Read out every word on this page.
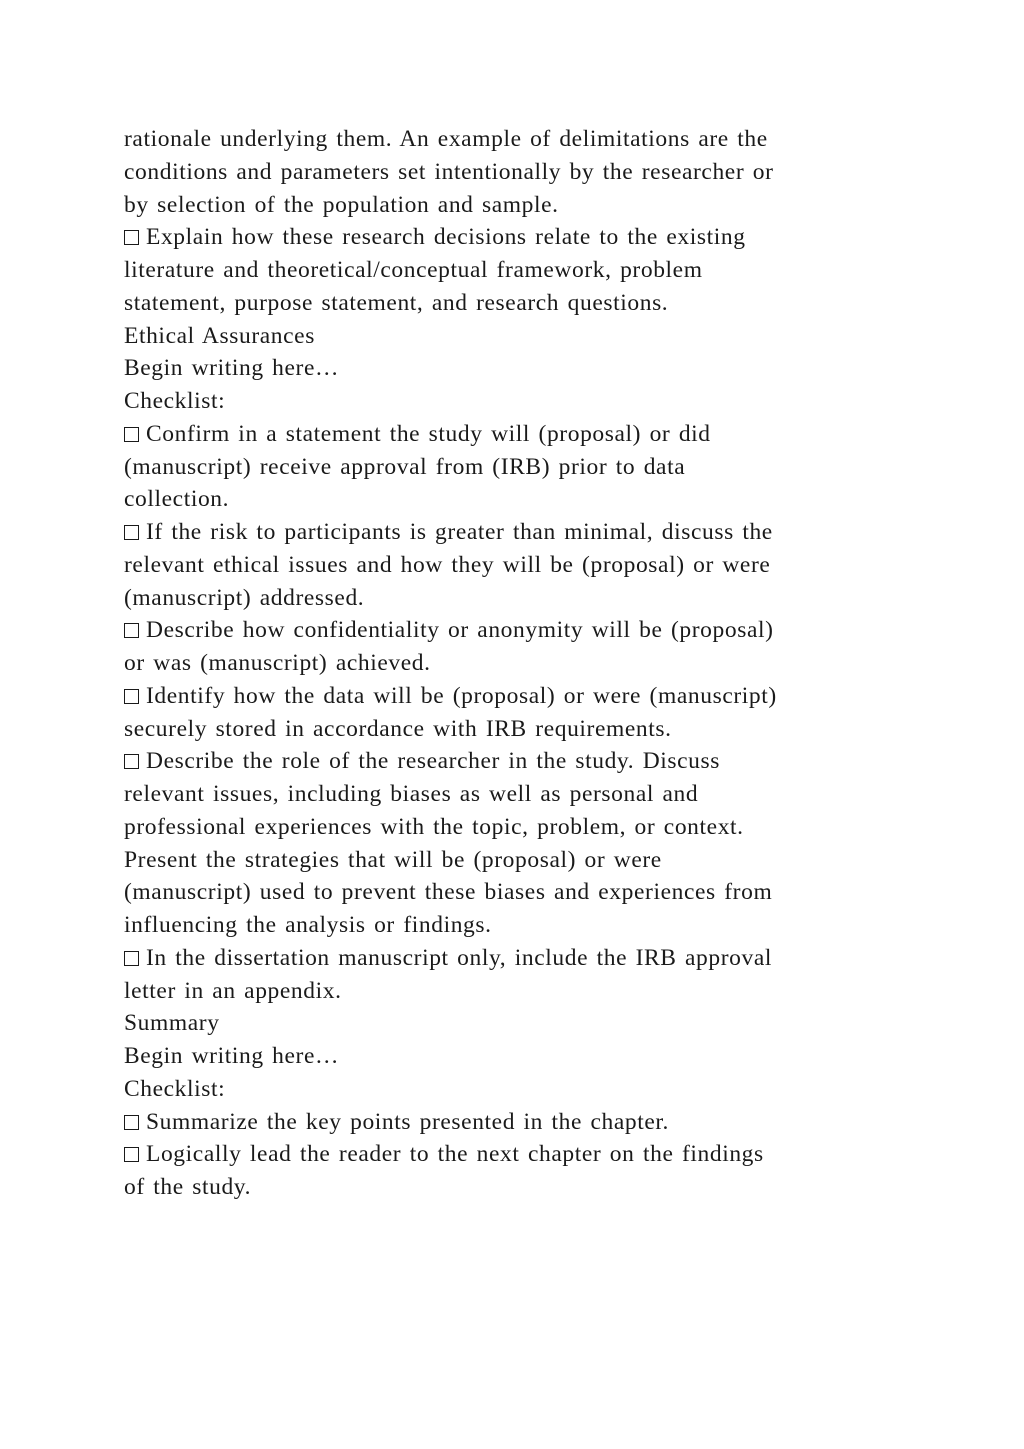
rationale underlying them. An example of delimitations are the
conditions and parameters set intentionally by the researcher or
by selection of the population and sample.
Explain how these research decisions relate to the existing
literature and theoretical/conceptual framework, problem
statement, purpose statement, and research questions.
Ethical Assurances
Begin writing here…
Checklist:
Confirm in a statement the study will (proposal) or did
(manuscript) receive approval from (IRB) prior to data
collection.
If the risk to participants is greater than minimal, discuss the
relevant ethical issues and how they will be (proposal) or were
(manuscript) addressed.
Describe how confidentiality or anonymity will be (proposal)
or was (manuscript) achieved.
Identify how the data will be (proposal) or were (manuscript)
securely stored in accordance with IRB requirements.
Describe the role of the researcher in the study. Discuss
relevant issues, including biases as well as personal and
professional experiences with the topic, problem, or context.
Present the strategies that will be (proposal) or were
(manuscript) used to prevent these biases and experiences from
influencing the analysis or findings.
In the dissertation manuscript only, include the IRB approval
letter in an appendix.
Summary
Begin writing here…
Checklist:
Summarize the key points presented in the chapter.
Logically lead the reader to the next chapter on the findings
of the study.
